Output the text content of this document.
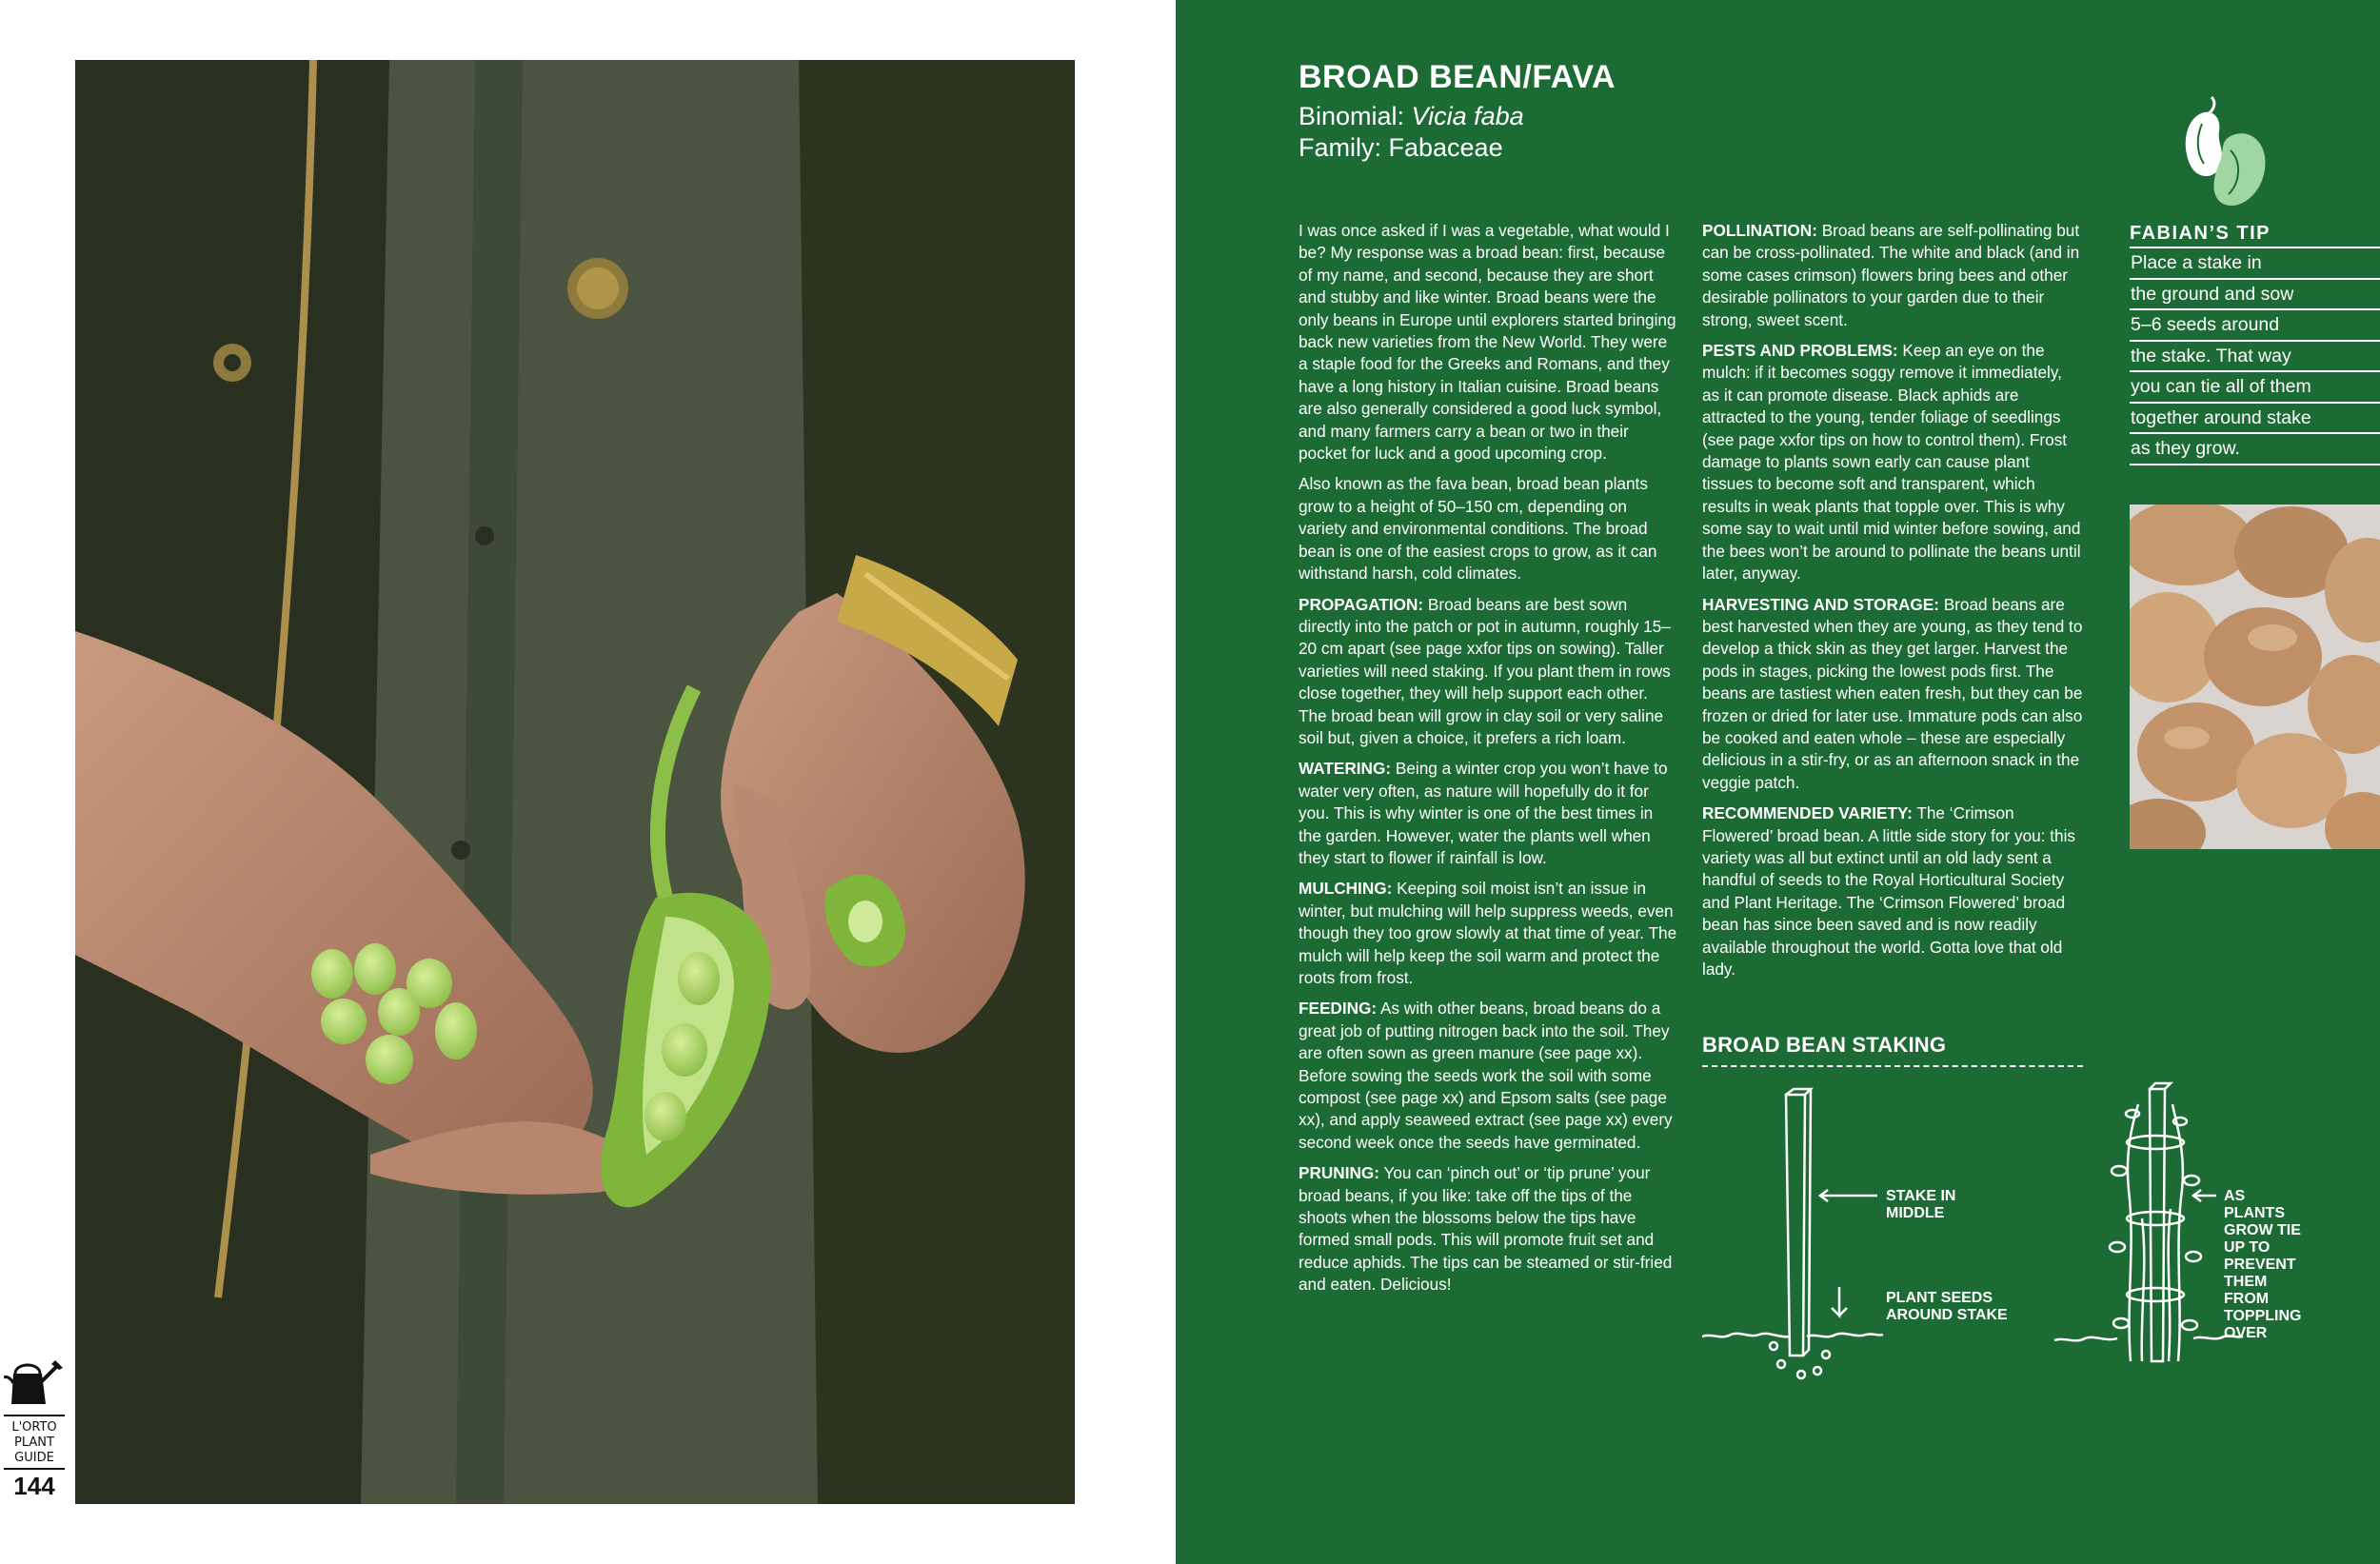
L'ORTO PLANT GUIDE
144
BROAD BEAN/FAVA
Binomial: Vicia faba
Family: Fabaceae

I was once asked if I was a vegetable, what would I be? My response was a broad bean: first, because of my name, and second, because they are short and stubby and like winter. Broad beans were the only beans in Europe until explorers started bringing back new varieties from the New World. They were a staple food for the Greeks and Romans, and they have a long history in Italian cuisine. Broad beans are also generally considered a good luck symbol, and many farmers carry a bean or two in their pocket for luck and a good upcoming crop.

Also known as the fava bean, broad bean plants grow to a height of 50–150 cm, depending on variety and environmental conditions. The broad bean is one of the easiest crops to grow, as it can withstand harsh, cold climates.

PROPAGATION: Broad beans are best sown directly into the patch or pot in autumn, roughly 15–20 cm apart (see page xxfor tips on sowing). Taller varieties will need staking. If you plant them in rows close together, they will help support each other. The broad bean will grow in clay soil or very saline soil but, given a choice, it prefers a rich loam.

WATERING: Being a winter crop you won’t have to water very often, as nature will hopefully do it for you. This is why winter is one of the best times in the garden. However, water the plants well when they start to flower if rainfall is low.

MULCHING: Keeping soil moist isn’t an issue in winter, but mulching will help suppress weeds, even though they too grow slowly at that time of year. The mulch will help keep the soil warm and protect the roots from frost.

FEEDING: As with other beans, broad beans do a great job of putting nitrogen back into the soil. They are often sown as green manure (see page xx). Before sowing the seeds work the soil with some compost (see page xx) and Epsom salts (see page xx), and apply seaweed extract (see page xx) every second week once the seeds have germinated.

PRUNING: You can ‘pinch out’ or ‘tip prune’ your broad beans, if you like: take off the tips of the shoots when the blossoms below the tips have formed small pods. This will promote fruit set and reduce aphids. The tips can be steamed or stir-fried and eaten. Delicious!

POLLINATION: Broad beans are self-pollinating but can be cross-pollinated. The white and black (and in some cases crimson) flowers bring bees and other desirable pollinators to your garden due to their strong, sweet scent.

PESTS AND PROBLEMS: Keep an eye on the mulch: if it becomes soggy remove it immediately, as it can promote disease. Black aphids are attracted to the young, tender foliage of seedlings (see page xxfor tips on how to control them). Frost damage to plants sown early can cause plant tissues to become soft and transparent, which results in weak plants that topple over. This is why some say to wait until mid winter before sowing, and the bees won’t be around to pollinate the beans until later, anyway.

HARVESTING AND STORAGE: Broad beans are best harvested when they are young, as they tend to develop a thick skin as they get larger. Harvest the pods in stages, picking the lowest pods first. The beans are tastiest when eaten fresh, but they can be frozen or dried for later use. Immature pods can also be cooked and eaten whole – these are especially delicious in a stir-fry, or as an afternoon snack in the veggie patch.

RECOMMENDED VARIETY: The ‘Crimson Flowered’ broad bean. A little side story for you: this variety was all but extinct until an old lady sent a handful of seeds to the Royal Horticultural Society and Plant Heritage. The ‘Crimson Flowered’ broad bean has since been saved and is now readily available throughout the world. Gotta love that old lady.

FABIAN’S TIP
Place a stake in
the ground and sow
5–6 seeds around
the stake. That way
you can tie all of them
together around stake
as they grow.
BROAD BEAN STAKING
STAKE IN
MIDDLE
PLANT SEEDS
AROUND STAKE
AS PLANTS
GROW TIE UP TO
PREVENT THEM
FROM TOPPLING
OVER
